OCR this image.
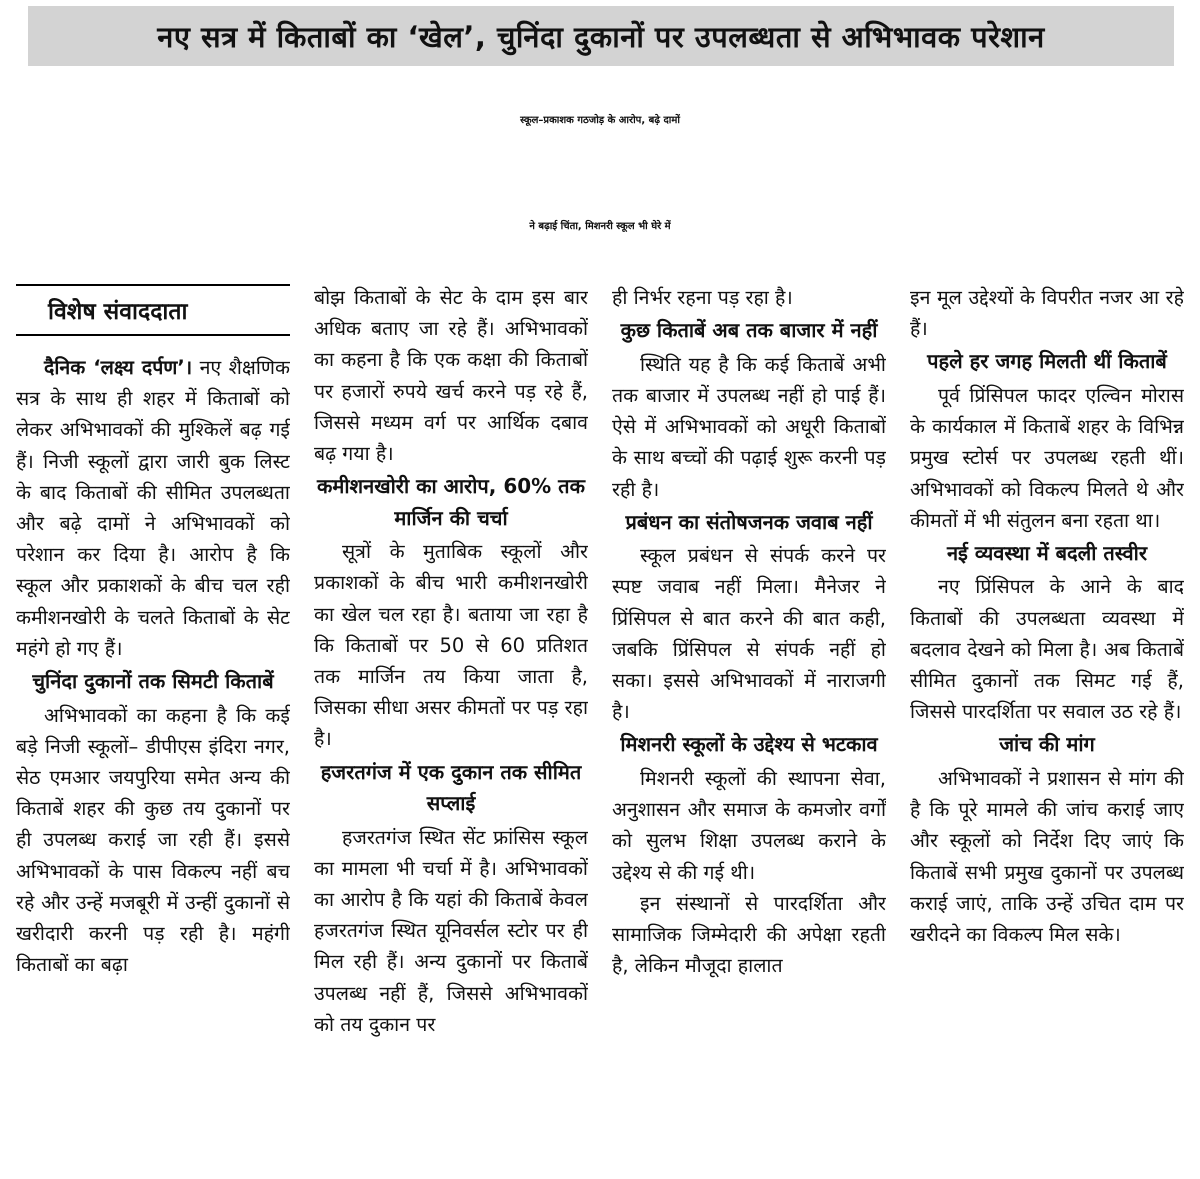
नए सत्र में किताबों का ‘खेल’, चुनिंदा दुकानों पर उपलब्धता से अभिभावक परेशान
स्कूल–प्रकाशक गठजोड़ के आरोप, बढ़े दामों
ने बढ़ाई चिंता, मिशनरी स्कूल भी घेरे में
विशेष संवाददाता

दैनिक ‘लक्ष्य दर्पण’। नए शैक्षणिक सत्र के साथ ही शहर में किताबों को लेकर अभिभावकों की मुश्किलें बढ़ गई हैं। निजी स्कूलों द्वारा जारी बुक लिस्ट के बाद किताबों की सीमित उपलब्धता और बढ़े दामों ने अभिभावकों को परेशान कर दिया है। आरोप है कि स्कूल और प्रकाशकों के बीच चल रही कमीशनखोरी के चलते किताबों के सेट महंगे हो गए हैं।

चुनिंदा दुकानों तक सिमटी किताबें

अभिभावकों का कहना है कि कई बड़े निजी स्कूलों– डीपीएस इंदिरा नगर, सेठ एमआर जयपुरिया समेत अन्य की किताबें शहर की कुछ तय दुकानों पर ही उपलब्ध कराई जा रही हैं। इससे अभिभावकों के पास विकल्प नहीं बच रहे और उन्हें मजबूरी में उन्हीं दुकानों से खरीदारी करनी पड़ रही है। महंगी किताबों का बढ़ा

बोझ किताबों के सेट के दाम इस बार अधिक बताए जा रहे हैं। अभिभावकों का कहना है कि एक कक्षा की किताबों पर हजारों रुपये खर्च करने पड़ रहे हैं, जिससे मध्यम वर्ग पर आर्थिक दबाव बढ़ गया है।

कमीशनखोरी का आरोप, 60% तक मार्जिन की चर्चा

सूत्रों के मुताबिक स्कूलों और प्रकाशकों के बीच भारी कमीशनखोरी का खेल चल रहा है। बताया जा रहा है कि किताबों पर 50 से 60 प्रतिशत तक मार्जिन तय किया जाता है, जिसका सीधा असर कीमतों पर पड़ रहा है।

हजरतगंज में एक दुकान तक सीमित सप्लाई

हजरतगंज स्थित सेंट फ्रांसिस स्कूल का मामला भी चर्चा में है। अभिभावकों का आरोप है कि यहां की किताबें केवल हजरतगंज स्थित यूनिवर्सल स्टोर पर ही मिल रही हैं। अन्य दुकानों पर किताबें उपलब्ध नहीं हैं, जिससे अभिभावकों को तय दुकान पर

ही निर्भर रहना पड़ रहा है।

कुछ किताबें अब तक बाजार में नहीं

स्थिति यह है कि कई किताबें अभी तक बाजार में उपलब्ध नहीं हो पाई हैं। ऐसे में अभिभावकों को अधूरी किताबों के साथ बच्चों की पढ़ाई शुरू करनी पड़ रही है।

प्रबंधन का संतोषजनक जवाब नहीं

स्कूल प्रबंधन से संपर्क करने पर स्पष्ट जवाब नहीं मिला। मैनेजर ने प्रिंसिपल से बात करने की बात कही, जबकि प्रिंसिपल से संपर्क नहीं हो सका। इससे अभिभावकों में नाराजगी है।

मिशनरी स्कूलों के उद्देश्य से भटकाव

मिशनरी स्कूलों की स्थापना सेवा, अनुशासन और समाज के कमजोर वर्गों को सुलभ शिक्षा उपलब्ध कराने के उद्देश्य से की गई थी।

इन संस्थानों से पारदर्शिता और सामाजिक जिम्मेदारी की अपेक्षा रहती है, लेकिन मौजूदा हालात

इन मूल उद्देश्यों के विपरीत नजर आ रहे हैं।

पहले हर जगह मिलती थीं किताबें

पूर्व प्रिंसिपल फादर एल्विन मोरास के कार्यकाल में किताबें शहर के विभिन्न प्रमुख स्टोर्स पर उपलब्ध रहती थीं। अभिभावकों को विकल्प मिलते थे और कीमतों में भी संतुलन बना रहता था।

नई व्यवस्था में बदली तस्वीर

नए प्रिंसिपल के आने के बाद किताबों की उपलब्धता व्यवस्था में बदलाव देखने को मिला है। अब किताबें सीमित दुकानों तक सिमट गई हैं, जिससे पारदर्शिता पर सवाल उठ रहे हैं।

जांच की मांग

अभिभावकों ने प्रशासन से मांग की है कि पूरे मामले की जांच कराई जाए और स्कूलों को निर्देश दिए जाएं कि किताबें सभी प्रमुख दुकानों पर उपलब्ध कराई जाएं, ताकि उन्हें उचित दाम पर खरीदने का विकल्प मिल सके।
